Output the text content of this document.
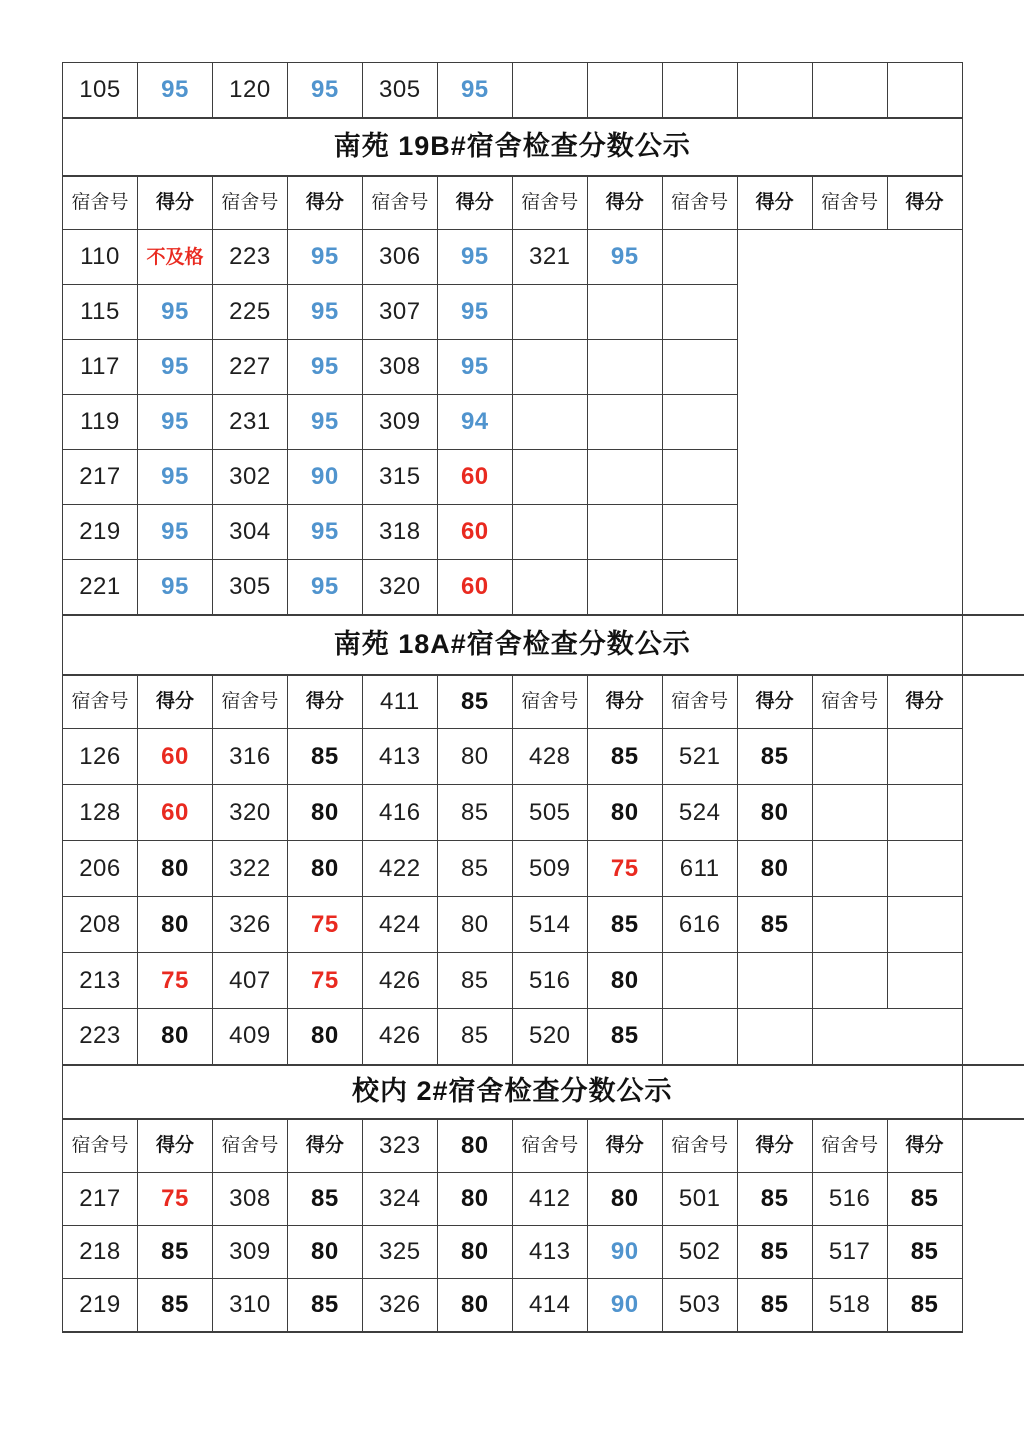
105	95	120	95	305	95							
南苑 19B#宿舍检查分数公示												
宿舍号	得分	宿舍号	得分	宿舍号	得分	宿舍号	得分	宿舍号	得分	宿舍号	得分	
110	不及格	223	95	306	95	321	95					
115	95	225	95	307	95							
117	95	227	95	308	95							
119	95	231	95	309	94							
217	95	302	90	315	60							
219	95	304	95	318	60							
221	95	305	95	320	60							
南苑 18A#宿舍检查分数公示												
宿舍号	得分	宿舍号	得分	411	85	宿舍号	得分	宿舍号	得分	宿舍号	得分	
126	60	316	85	413	80	428	85	521	85			
128	60	320	80	416	85	505	80	524	80			
206	80	322	80	422	85	509	75	611	80			
208	80	326	75	424	80	514	85	616	85			
213	75	407	75	426	85	516	80					
223	80	409	80	426	85	520	85					
校内 2#宿舍检查分数公示												
宿舍号	得分	宿舍号	得分	323	80	宿舍号	得分	宿舍号	得分	宿舍号	得分	
217	75	308	85	324	80	412	80	501	85	516	85	
218	85	309	80	325	80	413	90	502	85	517	85	
219	85	310	85	326	80	414	90	503	85	518	85	
